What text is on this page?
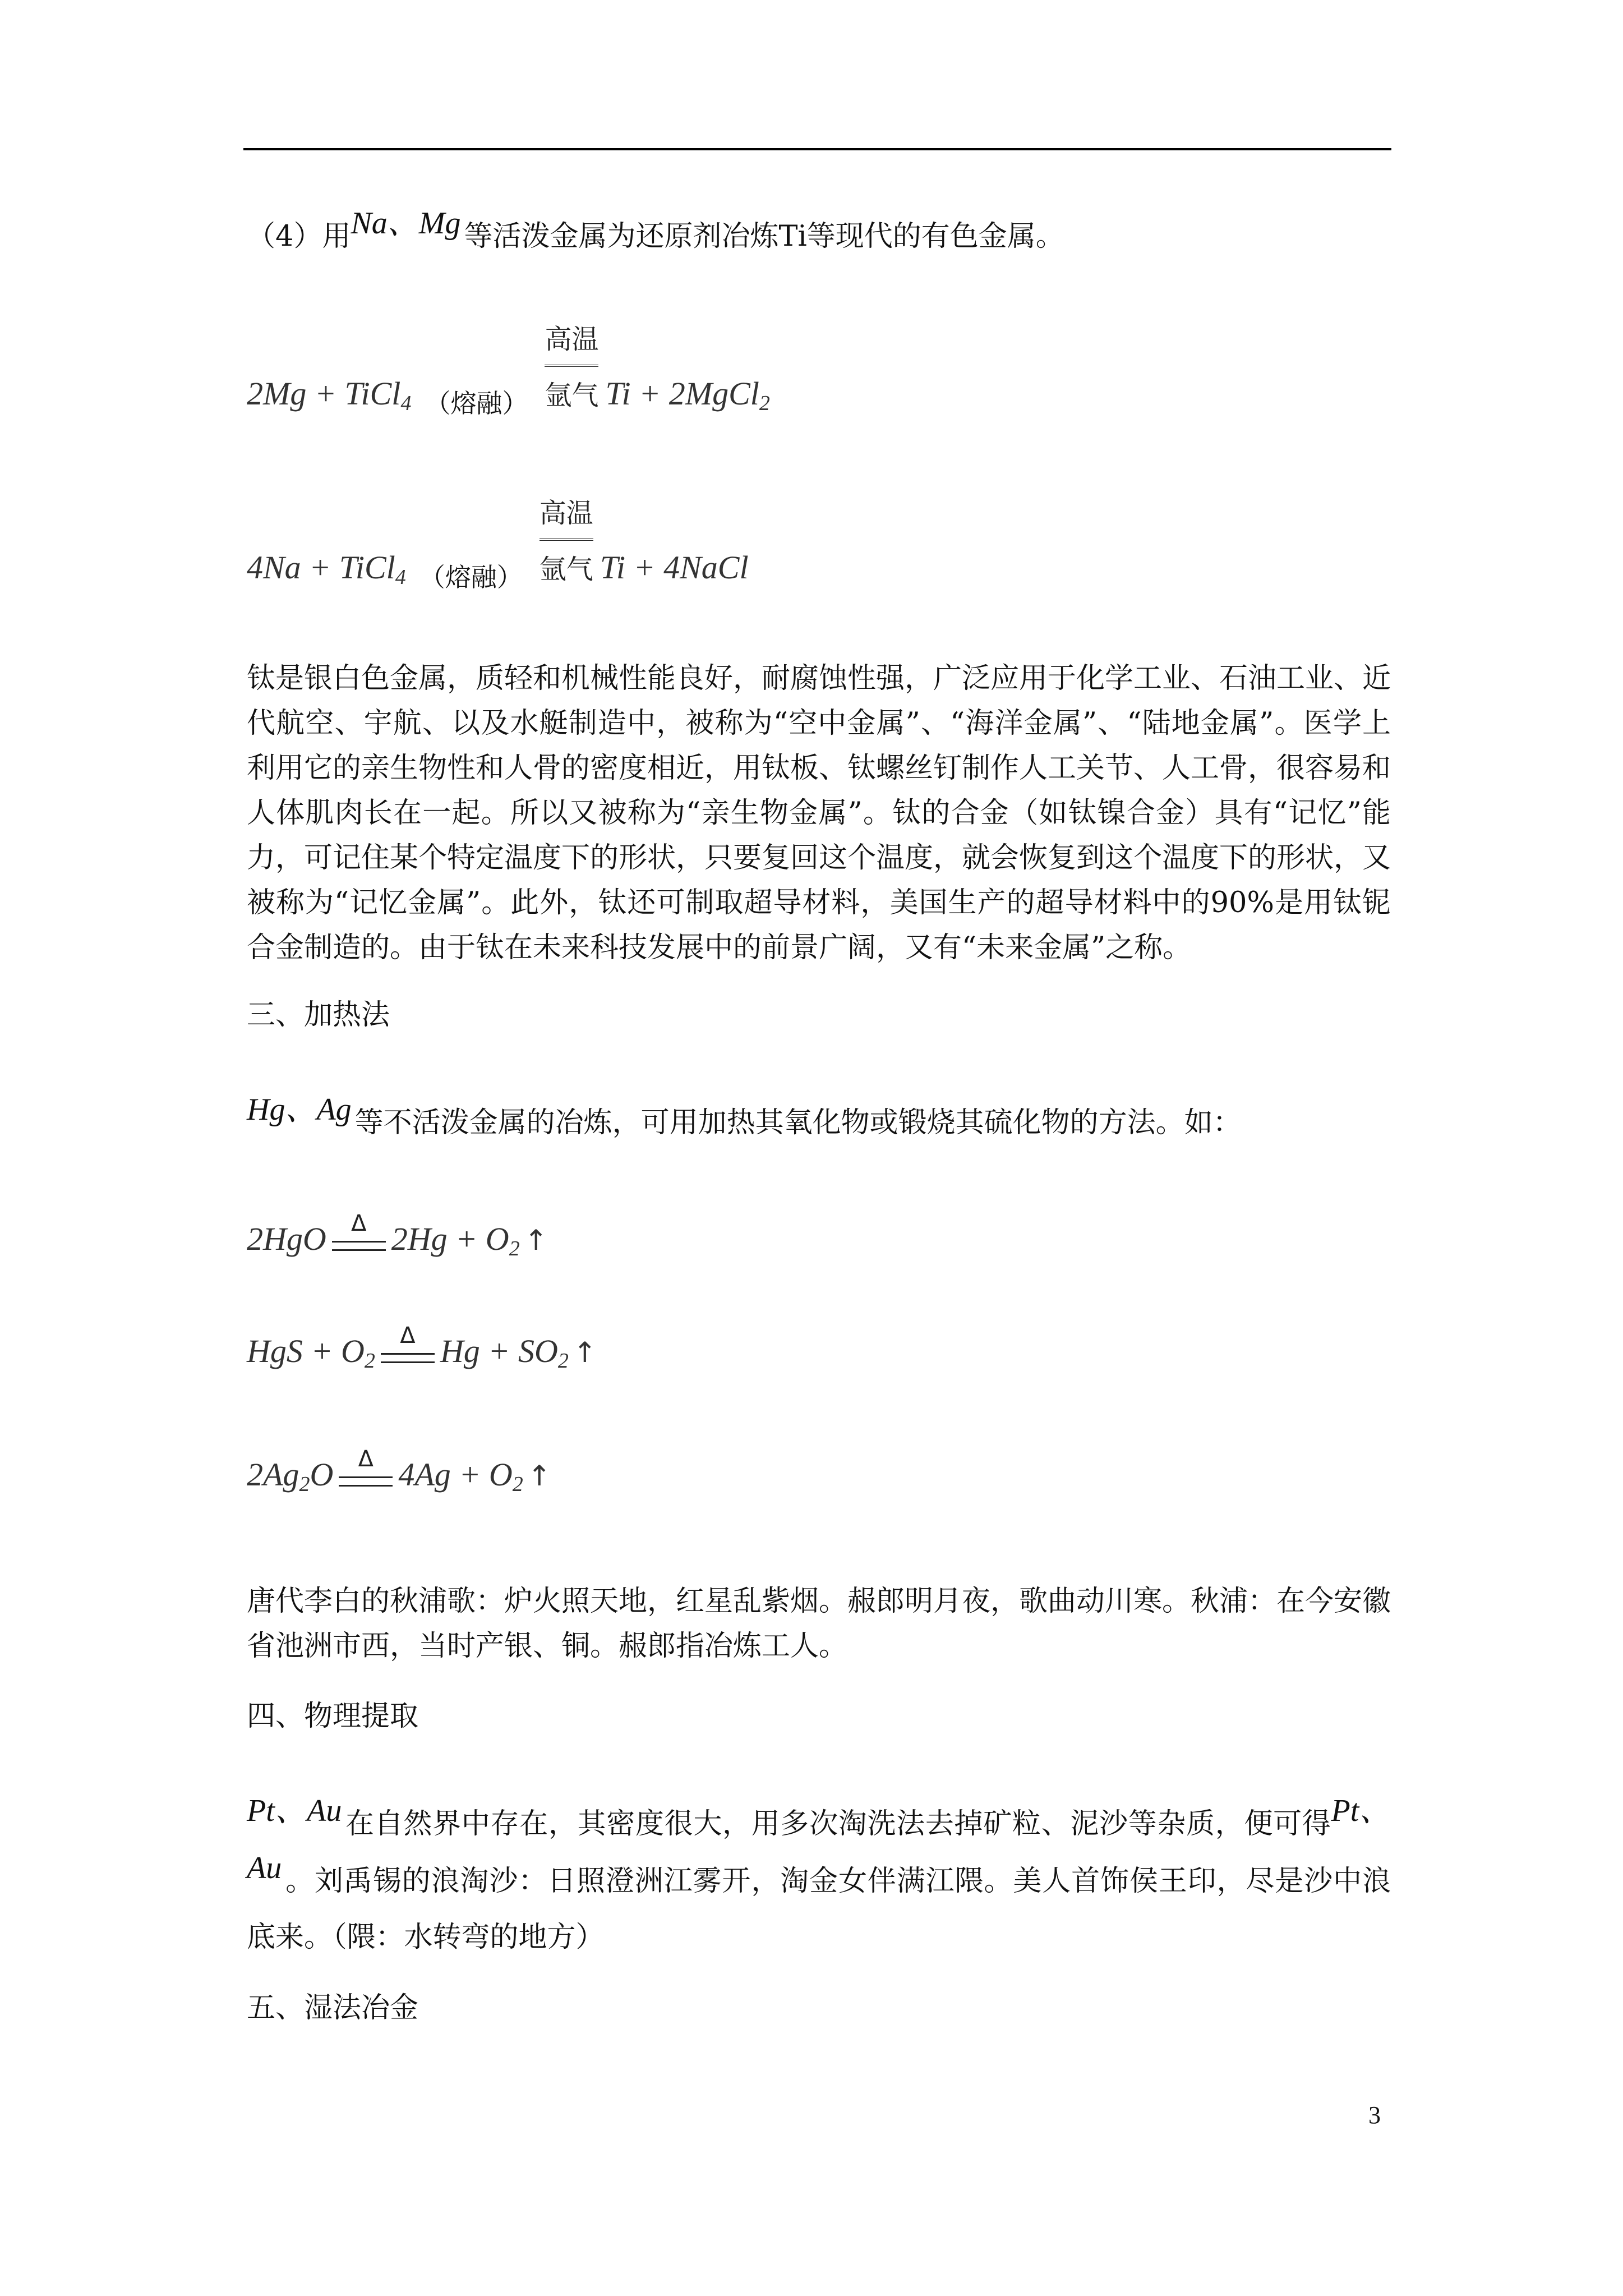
（4）用Na、Mg 等活泼金属为还原剂冶炼Ti等现代的有色金属。
2Mg + TiCl$_4$ $_{(熔融)}$
高温
氩气 Ti + 2MgCl$_2$
4Na + TiCl$_4$ $_{(熔融)}$
高温
氩气 Ti + 4NaCl
钛是银白色金属，质轻和机械性能良好，耐腐蚀性强，广泛应用于化学工业、石油工业、近代航空、宇航、以及水艇制造中，被称为“空中金属”、“海洋金属”、“陆地金属”。医学上利用它的亲生物性和人骨的密度相近，用钛板、钛螺丝钉制作人工关节、人工骨，很容易和人体肌肉长在一起。所以又被称为“亲生物金属”。钛的合金（如钛镍合金）具有“记忆”能力，可记住某个特定温度下的形状，只要复回这个温度，就会恢复到这个温度下的形状，又被称为“记忆金属”。此外，钛还可制取超导材料，美国生产的超导材料中的90%是用钛铌合金制造的。由于钛在未来科技发展中的前景广阔，又有“未来金属”之称。
三、加热法
Hg、Ag 等不活泼金属的冶炼，可用加热其氧化物或锻烧其硫化物的方法。如：
2HgO	Δ $2Hg + O_2$ ↑
HgS + $O_2$
Δ $Hg + SO_2$ ↑
$2Ag_2O$	Δ $4Ag + O_2$ ↑
唐代李白的秋浦歌：炉火照天地，红星乱紫烟。赧郎明月夜，歌曲动川寒。秋浦：在今安徽省池洲市西，当时产银、铜。赧郎指冶炼工人。
四、物理提取
Pt、Au 在自然界中存在，其密度很大，用多次淘洗法去掉矿粒、泥沙等杂质，便可得Pt、Au 。刘禹锡的浪淘沙：日照澄洲江雾开，淘金女伴满江隈。美人首饰侯王印，尽是沙中浪底来。（隈：水转弯的地方）
五、湿法冶金
3
